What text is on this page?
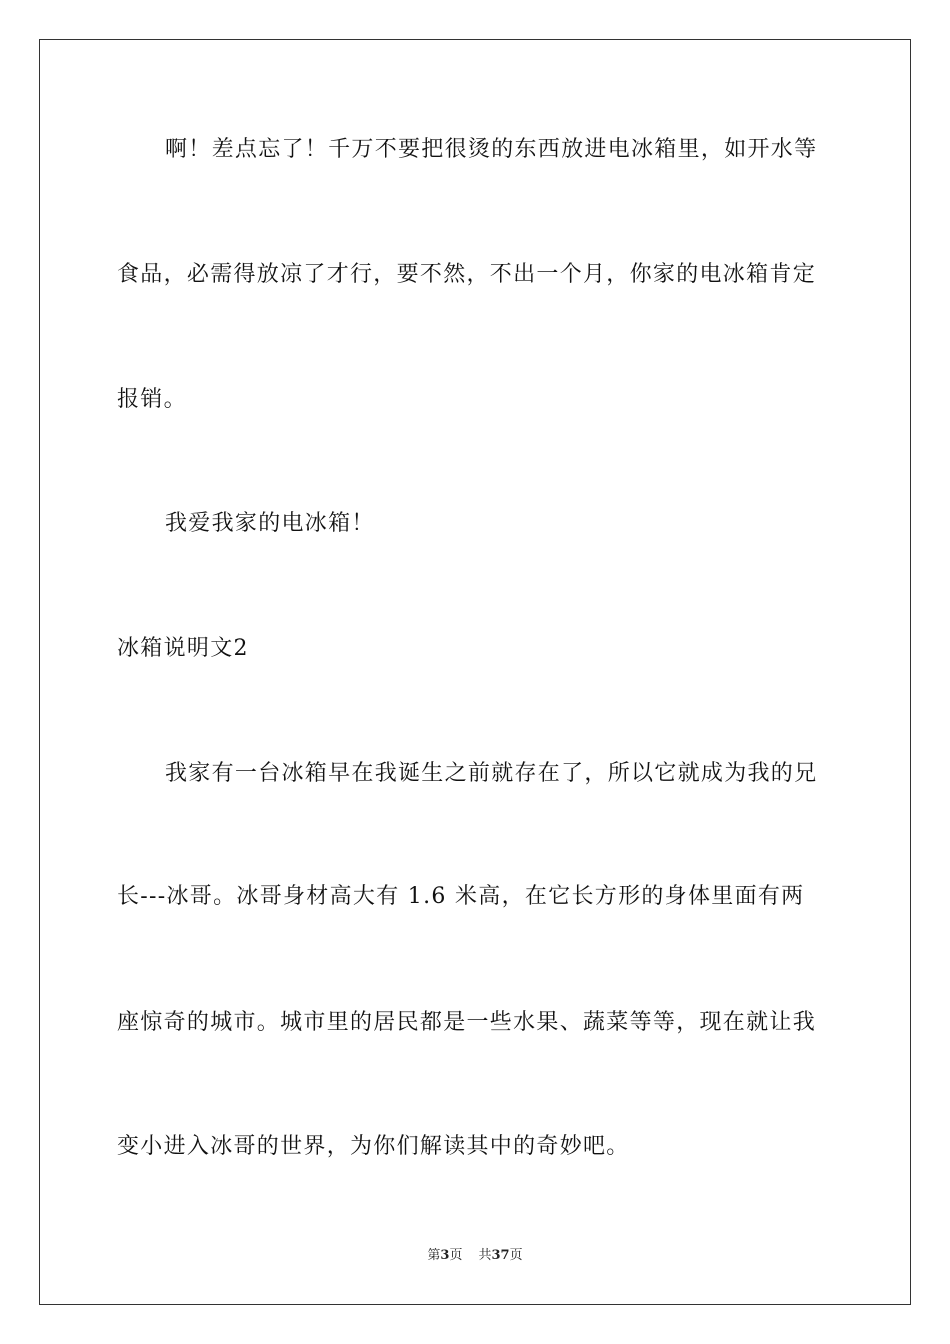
啊！差点忘了！千万不要把很烫的东西放进电冰箱里，如开水等
食品，必需得放凉了才行，要不然，不出一个月，你家的电冰箱肯定
报销。
我爱我家的电冰箱！
冰箱说明文2
我家有一台冰箱早在我诞生之前就存在了，所以它就成为我的兄
长---冰哥。冰哥身材高大有 1.6 米高，在它长方形的身体里面有两
座惊奇的城市。城市里的居民都是一些水果、蔬菜等等，现在就让我
变小进入冰哥的世界，为你们解读其中的奇妙吧。
第3页 共37页
